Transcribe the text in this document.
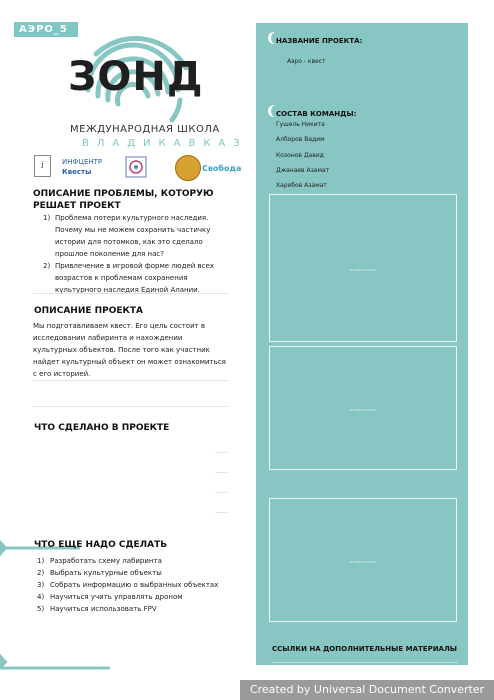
АЭРО_5
ЗОНД
МЕЖДУНАРОДНАЯ ШКОЛА
ВЛАДИКАВКАЗ
i	ИНФЦЕНТР
Квесты	Свобода
ОПИСАНИЕ ПРОБЛЕМЫ, КОТОРУЮ РЕШАЕТ ПРОЕКТ
1) Проблема потери культурного наследия. Почему мы не можем сохранить частичку истории для потомков, как это сделало прошлое поколение для нас?
2) Привлечение в игровой форме людей всех возрастов к проблемам сохранения культурного наследия Единой Алании.
ОПИСАНИЕ ПРОЕКТА
Мы подготавливаем квест. Его цель состоит в исследовании лабиринта и нахождении культурных объектов. После того как участник найдет культурный объект он может ознакомиться с его историей.
ЧТО СДЕЛАНО В ПРОЕКТЕ
ЧТО ЕЩЕ НАДО СДЕЛАТЬ
1) Разработать схему лабиринта
2) Выбрать культурные объекты
3) Собрать информацию о выбранных объектах
4) Научиться учить управлять дроном
5) Научиться использовать FPV
НАЗВАНИЕ ПРОЕКТА:
Аэро - квест
СОСТАВ КОМАНДЫ:
Гушель Никита
Алборов Вадим
Козонов Давид
Джанаев Азамат
Харебов Азамат
ВСТАВЬТЕ ФОТО
ВСТАВЬТЕ ФОТО
ВСТАВЬТЕ ФОТО
ССЫЛКИ НА ДОПОЛНИТЕЛЬНЫЕ МАТЕРИАЛЫ
Created by Universal Document Converter
